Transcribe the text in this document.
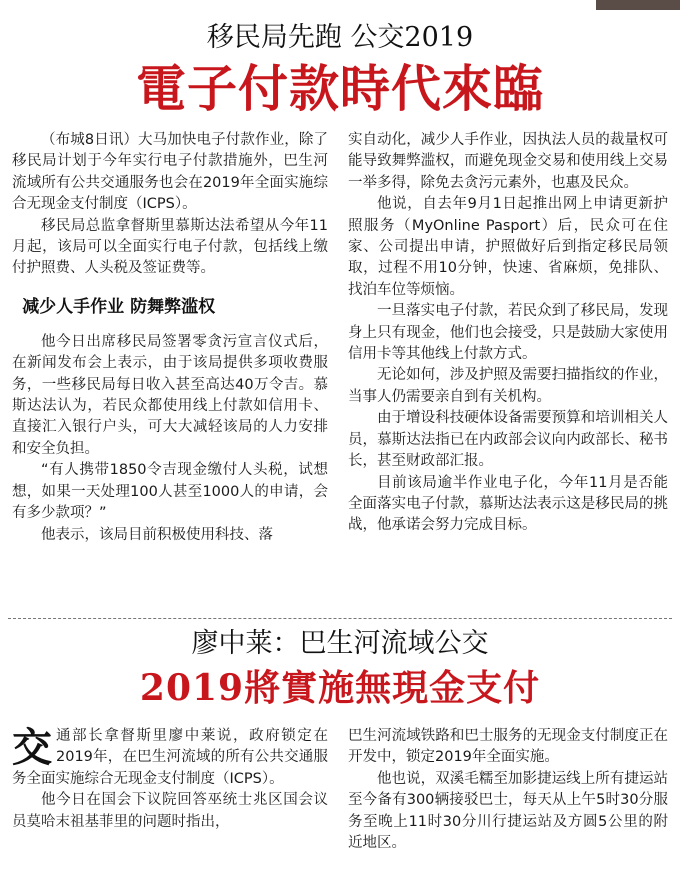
移民局先跑 公交2019
電子付款時代來臨

（布城8日讯）大马加快电子付款作业，除了移民局计划于今年实行电子付款措施外，巴生河流域所有公共交通服务也会在2019年全面实施综合无现金支付制度（ICPS）。

移民局总监拿督斯里慕斯达法希望从今年11月起，该局可以全面实行电子付款，包括线上缴付护照费、人头税及签证费等。

减少人手作业 防舞弊滥权

他今日出席移民局签署零贪污宣言仪式后，在新闻发布会上表示，由于该局提供多项收费服务，一些移民局每日收入甚至高达40万令吉。慕斯达法认为，若民众都使用线上付款如信用卡、直接汇入银行户头，可大大减轻该局的人力安排和安全负担。

“有人携带1850令吉现金缴付人头税，试想想，如果一天处理100人甚至1000人的申请，会有多少款项？”

他表示，该局目前积极使用科技、落

实自动化，减少人手作业，因执法人员的裁量权可能导致舞弊滥权，而避免现金交易和使用线上交易一举多得，除免去贪污元素外，也惠及民众。

他说，自去年9月1日起推出网上申请更新护照服务（MyOnline Pasport）后，民众可在住家、公司提出申请，护照做好后到指定移民局领取，过程不用10分钟，快速、省麻烦，免排队、找泊车位等烦恼。

一旦落实电子付款，若民众到了移民局，发现身上只有现金，他们也会接受，只是鼓励大家使用信用卡等其他线上付款方式。

无论如何，涉及护照及需要扫描指纹的作业，当事人仍需要亲自到有关机构。

由于增设科技硬体设备需要预算和培训相关人员，慕斯达法指已在内政部会议向内政部长、秘书长，甚至财政部汇报。

目前该局逾半作业电子化，今年11月是否能全面落实电子付款，慕斯达法表示这是移民局的挑战，他承诺会努力完成目标。

廖中莱：巴生河流域公交
2019將實施無現金支付

交通部长拿督斯里廖中莱说，政府锁定在2019年，在巴生河流域的所有公共交通服务全面实施综合无现金支付制度（ICPS）。

他今日在国会下议院回答巫统士兆区国会议员莫哈末祖基菲里的问题时指出，

巴生河流域铁路和巴士服务的无现金支付制度正在开发中，锁定2019年全面实施。

他也说，双溪毛糯至加影捷运线上所有捷运站至今备有300辆接驳巴士，每天从上午5时30分服务至晚上11时30分川行捷运站及方圆5公里的附近地区。
